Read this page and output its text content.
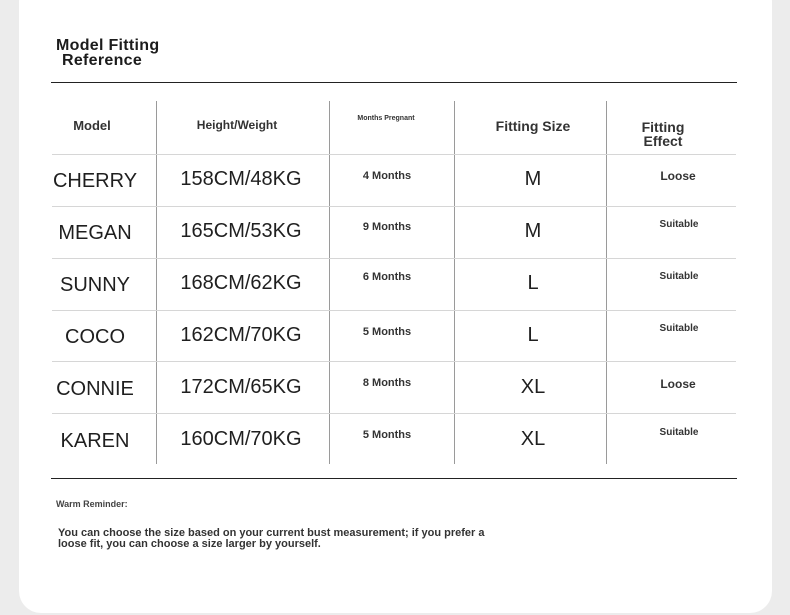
Model Fitting
Reference
Model	Height/Weight	Months Pregnant	Fitting Size	Fitting
Effect
CHERRY	158CM/48KG	4 Months	M	Loose
MEGAN	165CM/53KG	9 Months	M	Suitable
SUNNY	168CM/62KG	6 Months	L	Suitable
COCO	162CM/70KG	5 Months	L	Suitable
CONNIE	172CM/65KG	8 Months	XL	Loose
KAREN	160CM/70KG	5 Months	XL	Suitable
Warm Reminder:
You can choose the size based on your current bust measurement; if you prefer a loose fit, you can choose a size larger by yourself.
